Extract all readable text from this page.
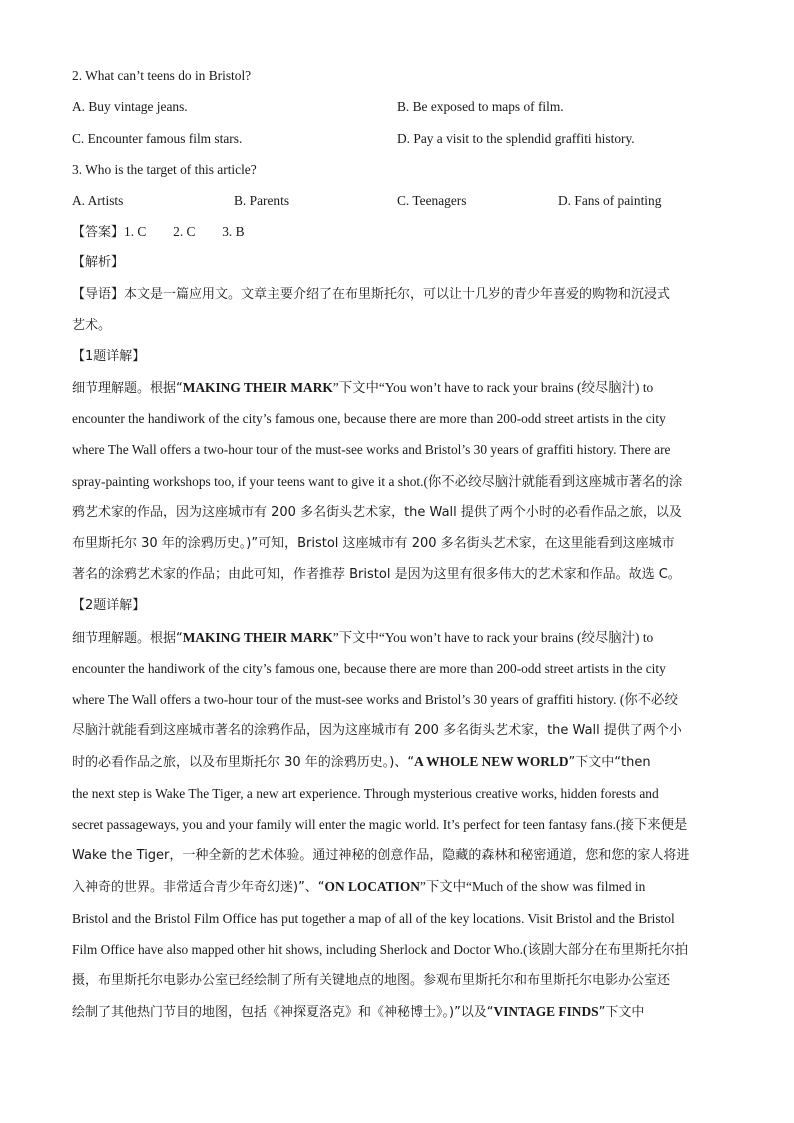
2. What can’t teens do in Bristol?
A. Buy vintage jeans.	B. Be exposed to maps of film.
C. Encounter famous film stars.	D. Pay a visit to the splendid graffiti history.
3. Who is the target of this article?
A. Artists	B. Parents	C. Teenagers	D. Fans of painting
【答案】1. C        2. C        3. B
【解析】
【导语】本文是一篇应用文。文章主要介绍了在布里斯托尔，可以让十几岁的青少年喜爱的购物和沉浸式
艺术。
【1题详解】
细节理解题。根据“MAKING THEIR MARK”下文中“You won’t have to rack your brains (绞尽脑汁) to
encounter the handiwork of the city’s famous one, because there are more than 200-odd street artists in the city
where The Wall offers a two-hour tour of the must-see works and Bristol’s 30 years of graffiti history. There are
spray-painting workshops too, if your teens want to give it a shot.(你不必绞尽脑汁就能看到这座城市著名的涂
鸦艺术家的作品，因为这座城市有 200 多名街头艺术家，the Wall 提供了两个小时的必看作品之旅，以及
布里斯托尔 30 年的涂鸦历史。)”可知，Bristol 这座城市有 200 多名街头艺术家，在这里能看到这座城市
著名的涂鸦艺术家的作品；由此可知，作者推荐 Bristol 是因为这里有很多伟大的艺术家和作品。故选 C。
【2题详解】
细节理解题。根据“MAKING THEIR MARK”下文中“You won’t have to rack your brains (绞尽脑汁) to
encounter the handiwork of the city’s famous one, because there are more than 200-odd street artists in the city
where The Wall offers a two-hour tour of the must-see works and Bristol’s 30 years of graffiti history. (你不必绞
尽脑汁就能看到这座城市著名的涂鸦作品，因为这座城市有 200 多名街头艺术家，the Wall 提供了两个小
时的必看作品之旅，以及布里斯托尔 30 年的涂鸦历史。)、“A WHOLE NEW WORLD”下文中“then
the next step is Wake The Tiger, a new art experience. Through mysterious creative works, hidden forests and
secret passageways, you and your family will enter the magic world. It’s perfect for teen fantasy fans.(接下来便是
Wake the Tiger，一种全新的艺术体验。通过神秘的创意作品，隐藏的森林和秘密通道，您和您的家人将进
入神奇的世界。非常适合青少年奇幻迷)”、“ON LOCATION”下文中“Much of the show was filmed in
Bristol and the Bristol Film Office has put together a map of all of the key locations. Visit Bristol and the Bristol
Film Office have also mapped other hit shows, including Sherlock and Doctor Who.(该剧大部分在布里斯托尔拍
摄，布里斯托尔电影办公室已经绘制了所有关键地点的地图。参观布里斯托尔和布里斯托尔电影办公室还
绘制了其他热门节目的地图，包括《神探夏洛克》和《神秘博士》。)”以及“VINTAGE FINDS”下文中
